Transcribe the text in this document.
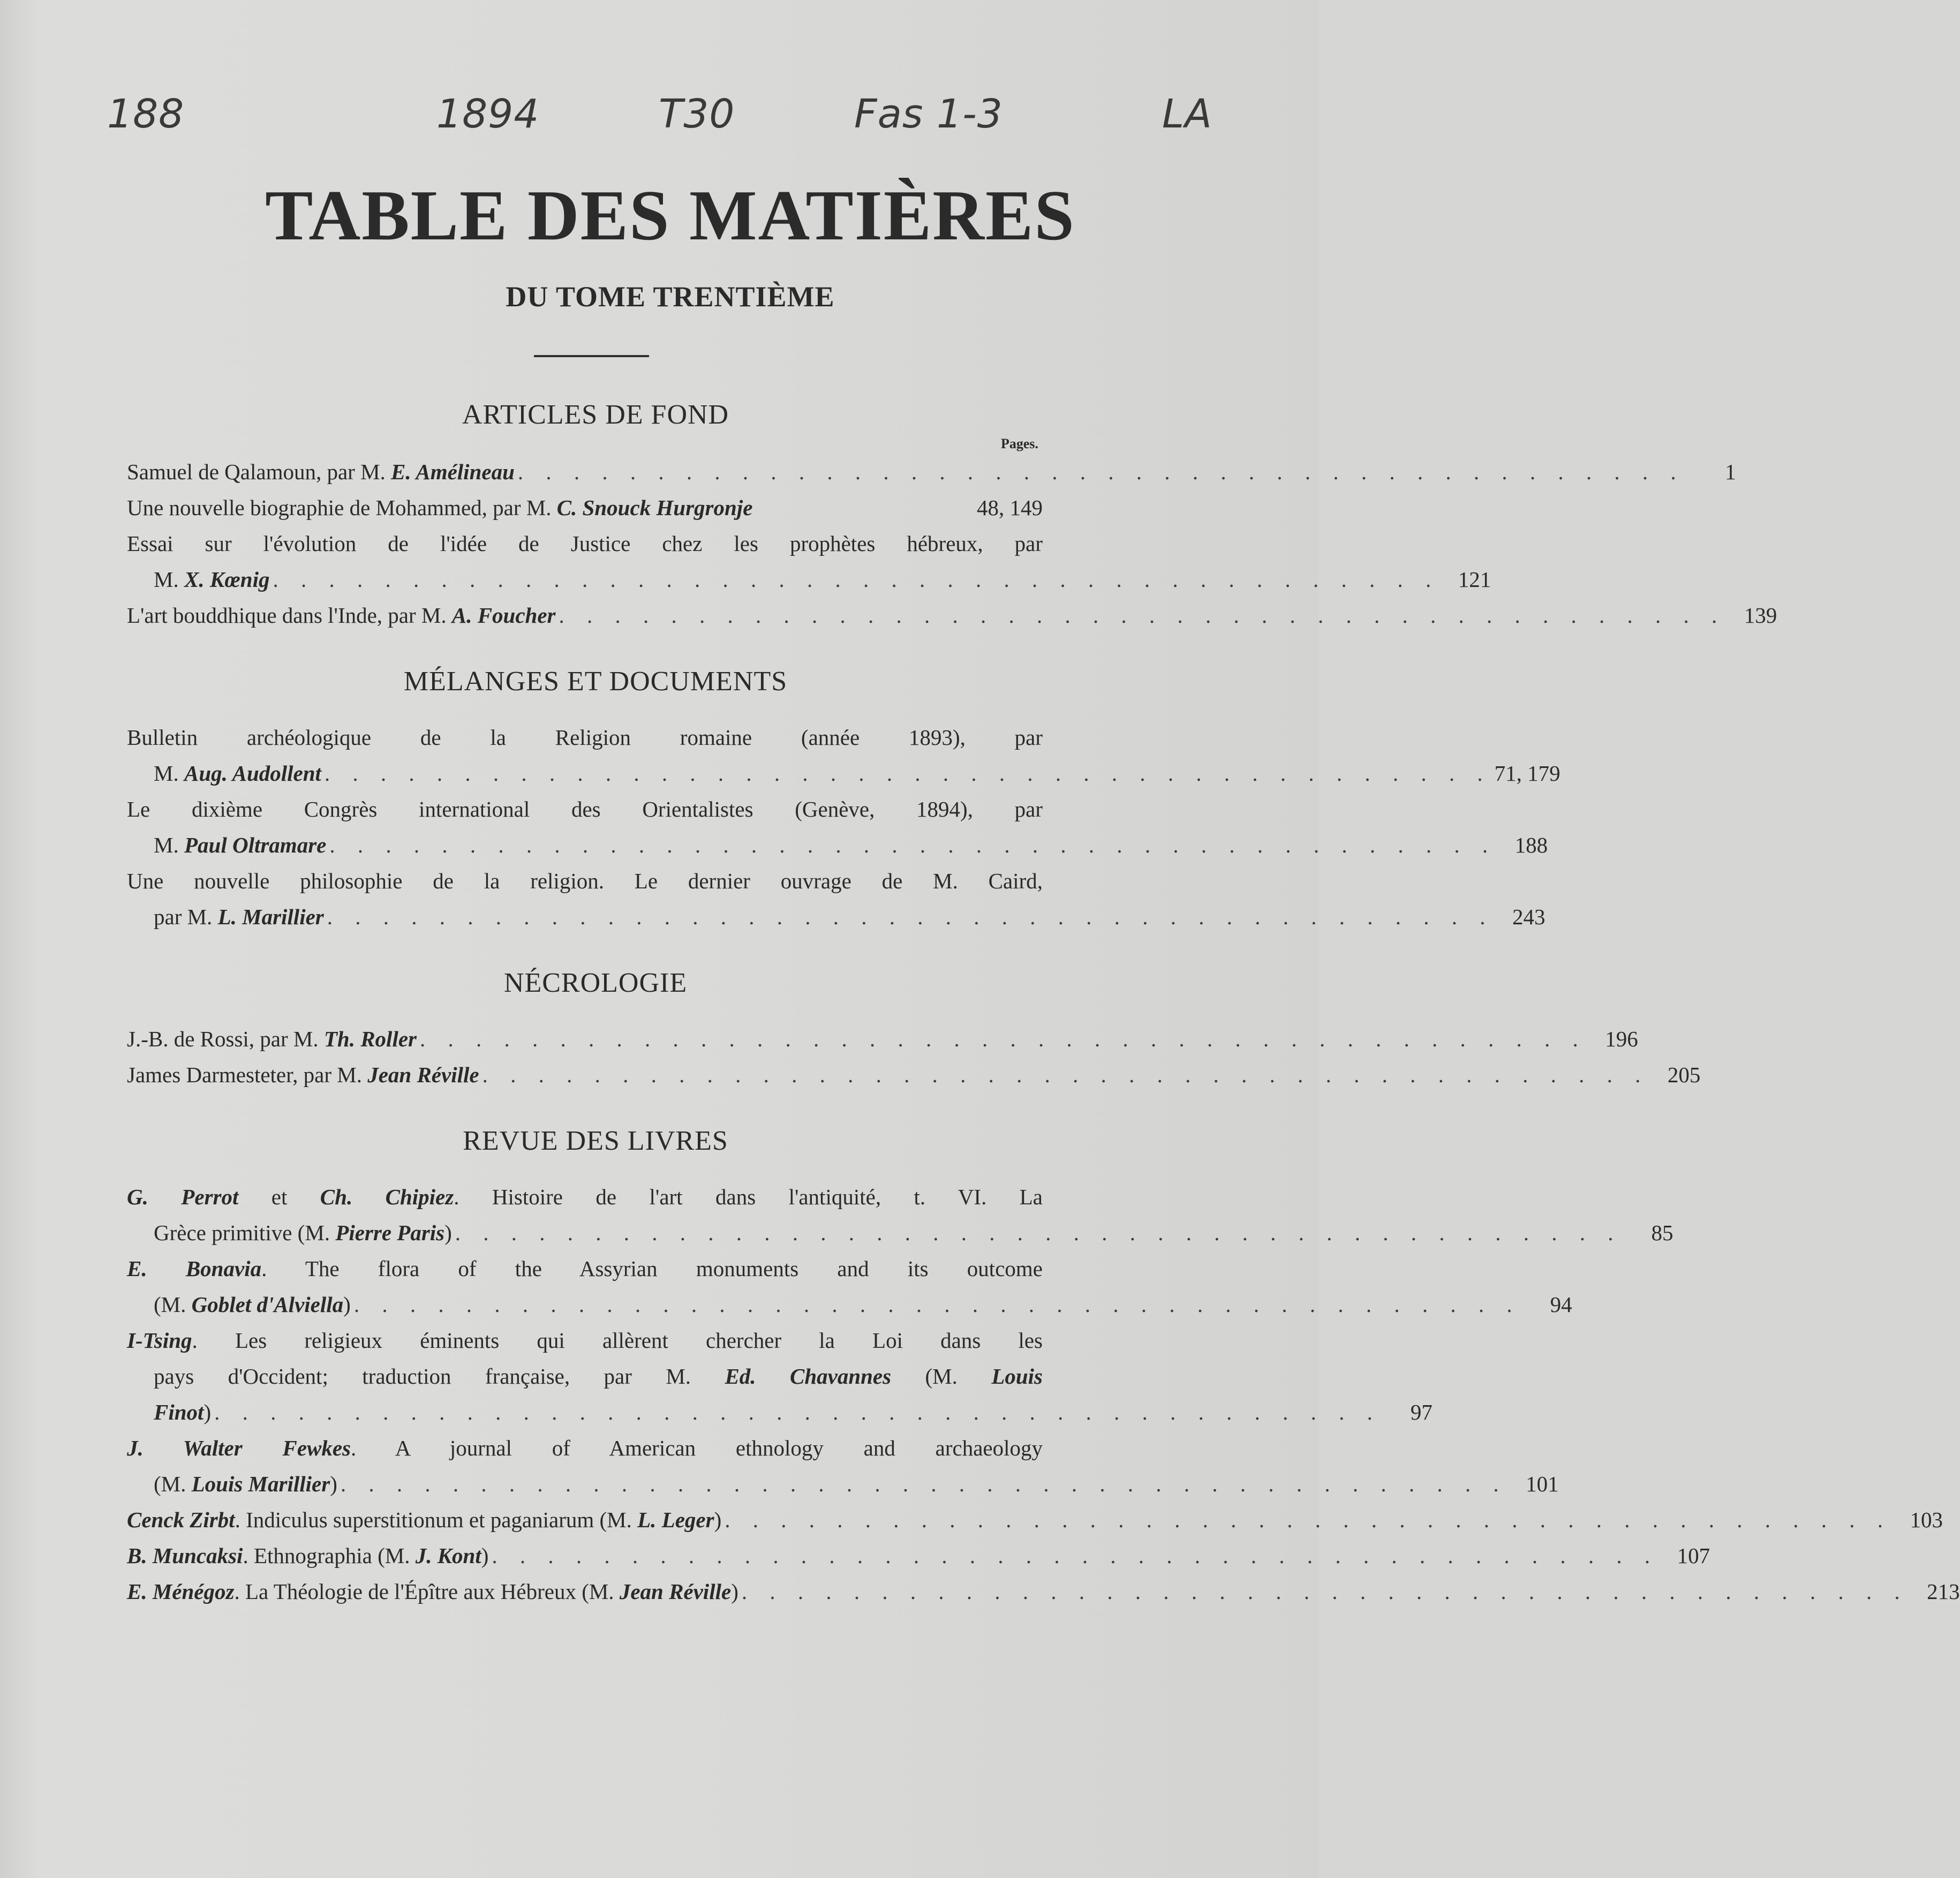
188	1894	T30	Fas 1-3	LA
TABLE DES MATIÈRES
DU TOME TRENTIÈME
ARTICLES DE FOND
Pages.
Samuel de Qalamoun, par M. E. Amélineau . . . . . . . . . . . . . . . . . . . . . . . . . . . . . . . . . . . . . . . . . .	1
Une nouvelle biographie de Mohammed, par M. C. Snouck Hurgronje	48, 149
Essai sur l'évolution de l'idée de Justice chez les prophètes hébreux, par
M. X. Kœnig . . . . . . . . . . . . . . . . . . . . . . . . . . . . . . . . . . . . . . . . . . 121
L'art bouddhique dans l'Inde, par M. A. Foucher . . . . . . . . . . . . . . . . . . . . . . . . . . . . . . . . . . . . . . . . . . 139
MÉLANGES ET DOCUMENTS
Bulletin archéologique de la Religion romaine (année 1893), par
M. Aug. Audollent . . . . . . . . . . . . . . . . . . . . . . . . . . . . . . . . . . . . . . . . . . 71, 179
Le dixième Congrès international des Orientalistes (Genève, 1894), par
M. Paul Oltramare . . . . . . . . . . . . . . . . . . . . . . . . . . . . . . . . . . . . . . . . . . 188
Une nouvelle philosophie de la religion. Le dernier ouvrage de M. Caird,
par M. L. Marillier . . . . . . . . . . . . . . . . . . . . . . . . . . . . . . . . . . . . . . . . . . 243
NÉCROLOGIE
J.-B. de Rossi, par M. Th. Roller . . . . . . . . . . . . . . . . . . . . . . . . . . . . . . . . . . . . . . . . . . 196
James Darmesteter, par M. Jean Réville . . . . . . . . . . . . . . . . . . . . . . . . . . . . . . . . . . . . . . . . . . 205
REVUE DES LIVRES
G. Perrot et Ch. Chipiez. Histoire de l'art dans l'antiquité, t. VI. La
Grèce primitive (M. Pierre Paris) . . . . . . . . . . . . . . . . . . . . . . . . . . . . . . . . . . . . . . . . . .	85
E. Bonavia. The flora of the Assyrian monuments and its outcome
(M. Goblet d'Alviella) . . . . . . . . . . . . . . . . . . . . . . . . . . . . . . . . . . . . . . . . . .	94
I-Tsing. Les religieux éminents qui allèrent chercher la Loi dans les
pays d'Occident; traduction française, par M. Ed. Chavannes (M. Louis
Finot) . . . . . . . . . . . . . . . . . . . . . . . . . . . . . . . . . . . . . . . . . .	97
J. Walter Fewkes. A journal of American ethnology and archaeology
(M. Louis Marillier) . . . . . . . . . . . . . . . . . . . . . . . . . . . . . . . . . . . . . . . . . . 101
Cenck Zirbt. Indiculus superstitionum et paganiarum (M. L. Leger) . . . . . . . . . . . . . . . . . . . . . . . . . . . . . . . . . . . . . . . . . . 103
B. Muncaksi. Ethnographia (M. J. Kont) . . . . . . . . . . . . . . . . . . . . . . . . . . . . . . . . . . . . . . . . . . 107
E. Ménégoz. La Théologie de l'Épître aux Hébreux (M. Jean Réville) . . . . . . . . . . . . . . . . . . . . . . . . . . . . . . . . . . . . . . . . . . 213
